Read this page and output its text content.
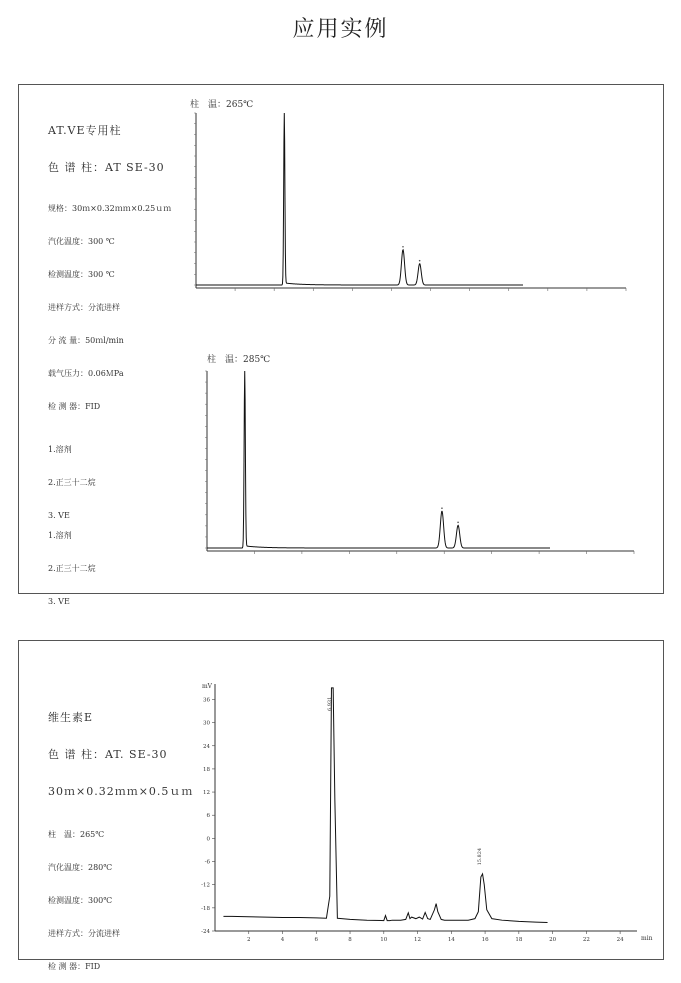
应用实例

AT.VE专用柱

色 谱 柱：AT SE-30

规格：30ｍ×0.32ｍｍ×0.25ｕｍ

汽化温度：300 ℃

检测温度：300 ℃

进样方式：分流进样

分 流 量：50ｍl/min

载气压力：0.06ＭPa

检 测 器：FID

1.溶剂

2.正三十二烷

3. VE

1.溶剂

2.正三十二烷

3. VE

维生素E

色 谱 柱：AT. SE-30

30ｍ×0.32ｍｍ×0.5ｕｍ

柱　温：265℃

汽化温度：280℃

检测温度：300℃

进样方式：分流进样

检 测 器：FID

柱　温：265℃
柱　温：285℃
mV
min
36
30
24
18
12
6
0
-6
-12
-18
-24
2	4	6	8	10	12	14	16	18	20	22	24
6.931
15.824
